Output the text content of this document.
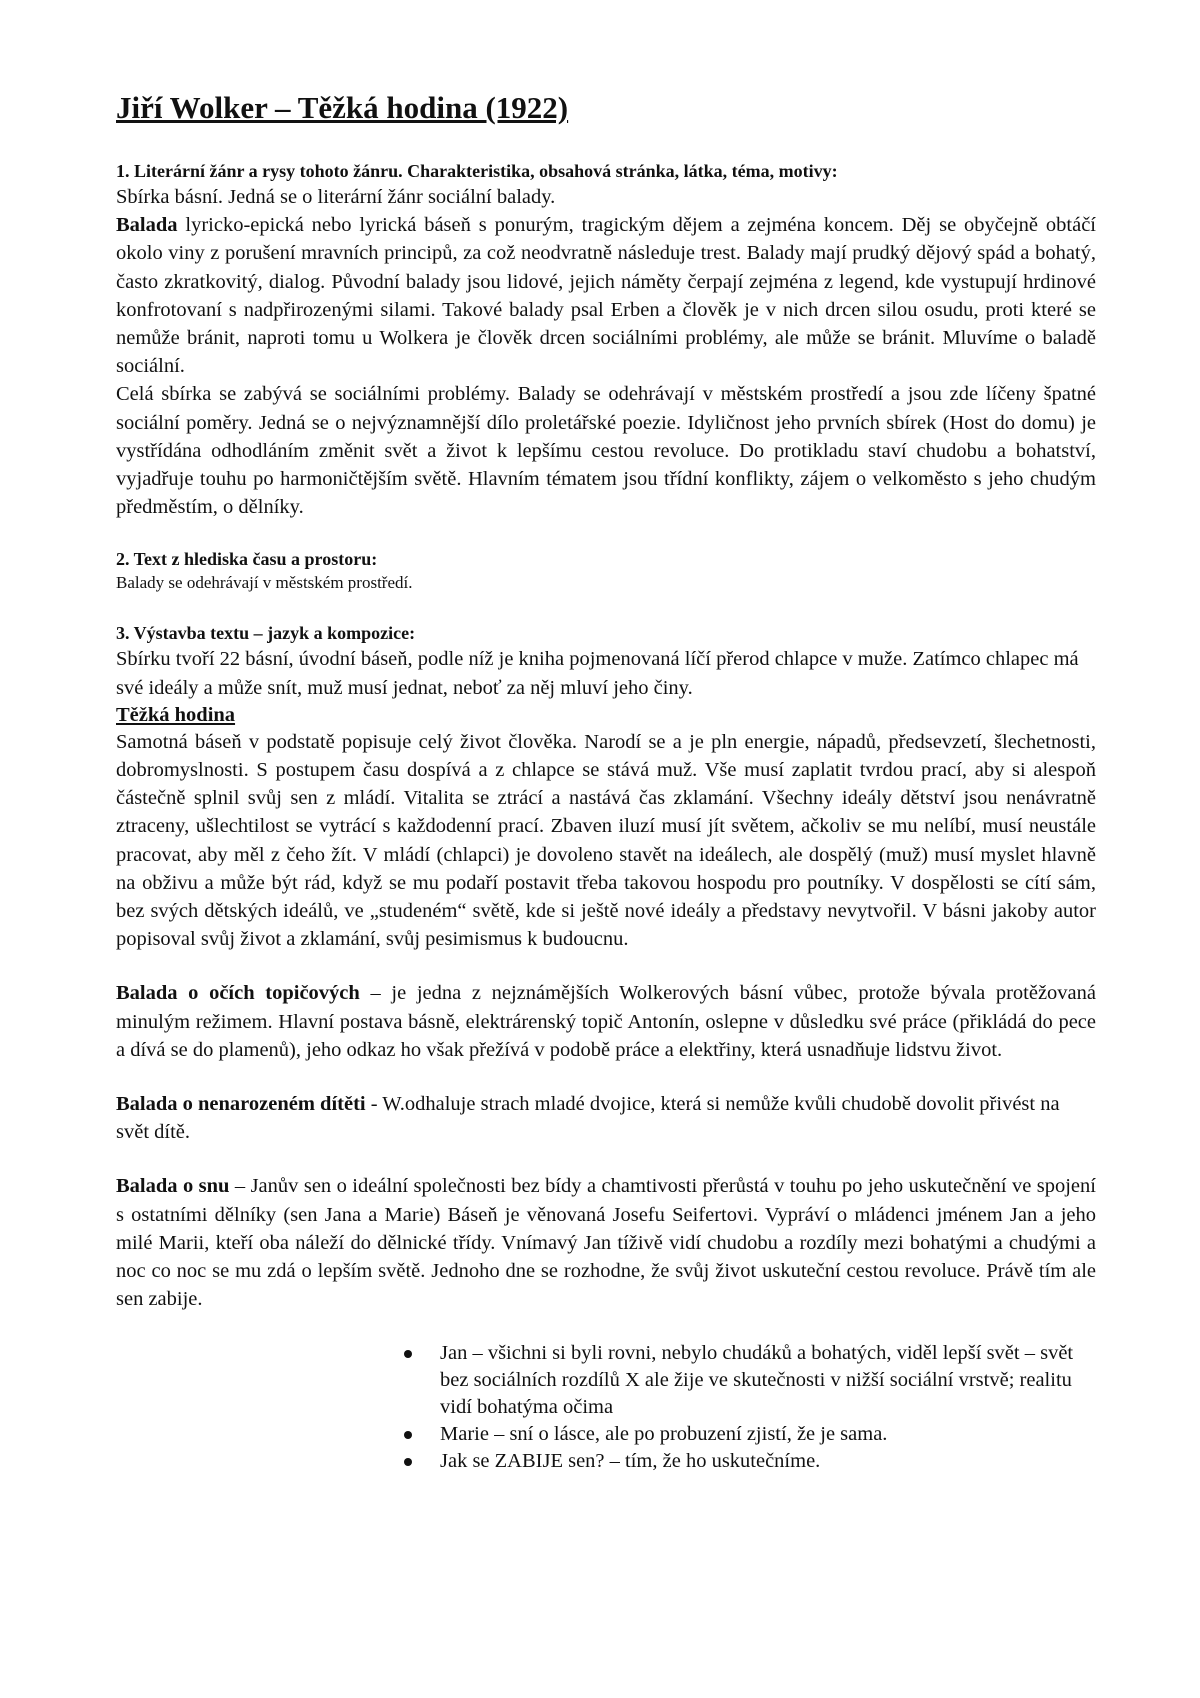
Jiří Wolker – Těžká hodina (1922)
1. Literární žánr a rysy tohoto žánru. Charakteristika, obsahová stránka, látka, téma, motivy:

Sbírka básní. Jedná se o literární žánr sociální balady.

Balada lyricko-epická nebo lyrická báseň s ponurým, tragickým dějem a zejména koncem. Děj se obyčejně obtáčí okolo viny z porušení mravních principů, za což neodvratně následuje trest. Balady mají prudký dějový spád a bohatý, často zkratkovitý, dialog. Původní balady jsou lidové, jejich náměty čerpají zejména z legend, kde vystupují hrdinové konfrotovaní s nadpřirozenými silami. Takové balady psal Erben a člověk je v nich drcen silou osudu, proti které se nemůže bránit, naproti tomu u Wolkera je člověk drcen sociálními problémy, ale může se bránit. Mluvíme o baladě sociální.

Celá sbírka se zabývá se sociálními problémy. Balady se odehrávají v městském prostředí a jsou zde líčeny špatné sociální poměry. Jedná se o nejvýznamnější dílo proletářské poezie. Idyličnost jeho prvních sbírek (Host do domu) je vystřídána odhodláním změnit svět a život k lepšímu cestou revoluce. Do protikladu staví chudobu a bohatství, vyjadřuje touhu po harmoničtějším světě. Hlavním tématem jsou třídní konflikty, zájem o velkoměsto s jeho chudým předměstím, o dělníky.

2. Text z hlediska času a prostoru:

Balady se odehrávají v městském prostředí.

3. Výstavba textu – jazyk a kompozice:

Sbírku tvoří 22 básní, úvodní báseň, podle níž je kniha pojmenovaná líčí přerod chlapce v muže. Zatímco chlapec má své ideály a může snít, muž musí jednat, neboť za něj mluví jeho činy.

Těžká hodina

Samotná báseň v podstatě popisuje celý život člověka. Narodí se a je pln energie, nápadů, předsevzetí, šlechetnosti, dobromyslnosti. S postupem času dospívá a z chlapce se stává muž. Vše musí zaplatit tvrdou prací, aby si alespoň částečně splnil svůj sen z mládí. Vitalita se ztrácí a nastává čas zklamání. Všechny ideály dětství jsou nenávratně ztraceny, ušlechtilost se vytrácí s každodenní prací. Zbaven iluzí musí jít světem, ačkoliv se mu nelíbí, musí neustále pracovat, aby měl z čeho žít. V mládí (chlapci) je dovoleno stavět na ideálech, ale dospělý (muž) musí myslet hlavně na obživu a může být rád, když se mu podaří postavit třeba takovou hospodu pro poutníky. V dospělosti se cítí sám, bez svých dětských ideálů, ve „studeném“ světě, kde si ještě nové ideály a představy nevytvořil. V básni jakoby autor popisoval svůj život a zklamání, svůj pesimismus k budoucnu.

Balada o očích topičových – je jedna z nejznámějších Wolkerových básní vůbec, protože bývala protěžovaná minulým režimem. Hlavní postava básně, elektrárenský topič Antonín, oslepne v důsledku své práce (přikládá do pece a dívá se do plamenů), jeho odkaz ho však přežívá v podobě práce a elektřiny, která usnadňuje lidstvu život.

Balada o nenarozeném dítěti - W.odhaluje strach mladé dvojice, která si nemůže kvůli chudobě dovolit přivést na svět dítě.

Balada o snu – Janův sen o ideální společnosti bez bídy a chamtivosti přerůstá v touhu po jeho uskutečnění ve spojení s ostatními dělníky (sen Jana a Marie) Báseň je věnovaná Josefu Seifertovi. Vypráví o mládenci jménem Jan a jeho milé Marii, kteří oba náleží do dělnické třídy. Vnímavý Jan tíživě vidí chudobu a rozdíly mezi bohatými a chudými a noc co noc se mu zdá o lepším světě. Jednoho dne se rozhodne, že svůj život uskuteční cestou revoluce. Právě tím ale sen zabije.

Jan – všichni si byli rovni, nebylo chudáků a bohatých, viděl lepší svět – svět bez sociálních rozdílů X ale žije ve skutečnosti v nižší sociální vrstvě; realitu vidí bohatýma očima
Marie – sní o lásce, ale po probuzení zjistí, že je sama.
Jak se ZABIJE sen? – tím, že ho uskutečníme.
